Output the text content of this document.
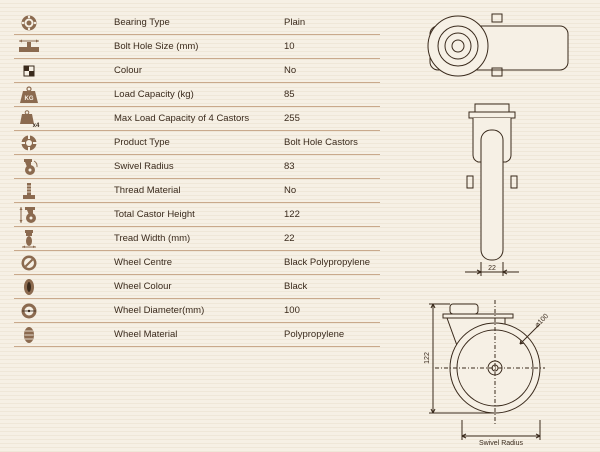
Bearing Type	Plain
Bolt Hole Size (mm)	10
Colour	No
KG	Load Capacity (kg)	85
x4
Max Load Capacity of 4 Castors	255
Product Type	Bolt Hole Castors
Swivel Radius	83
Thread Material	No
Total Castor Height	122
Tread Width (mm)	22
Wheel Centre	Black Polypropylene
Wheel Colour	Black
Wheel Diameter(mm)	100
Wheel Material	Polypropylene
22
122
⌀100
Swivel Radius
